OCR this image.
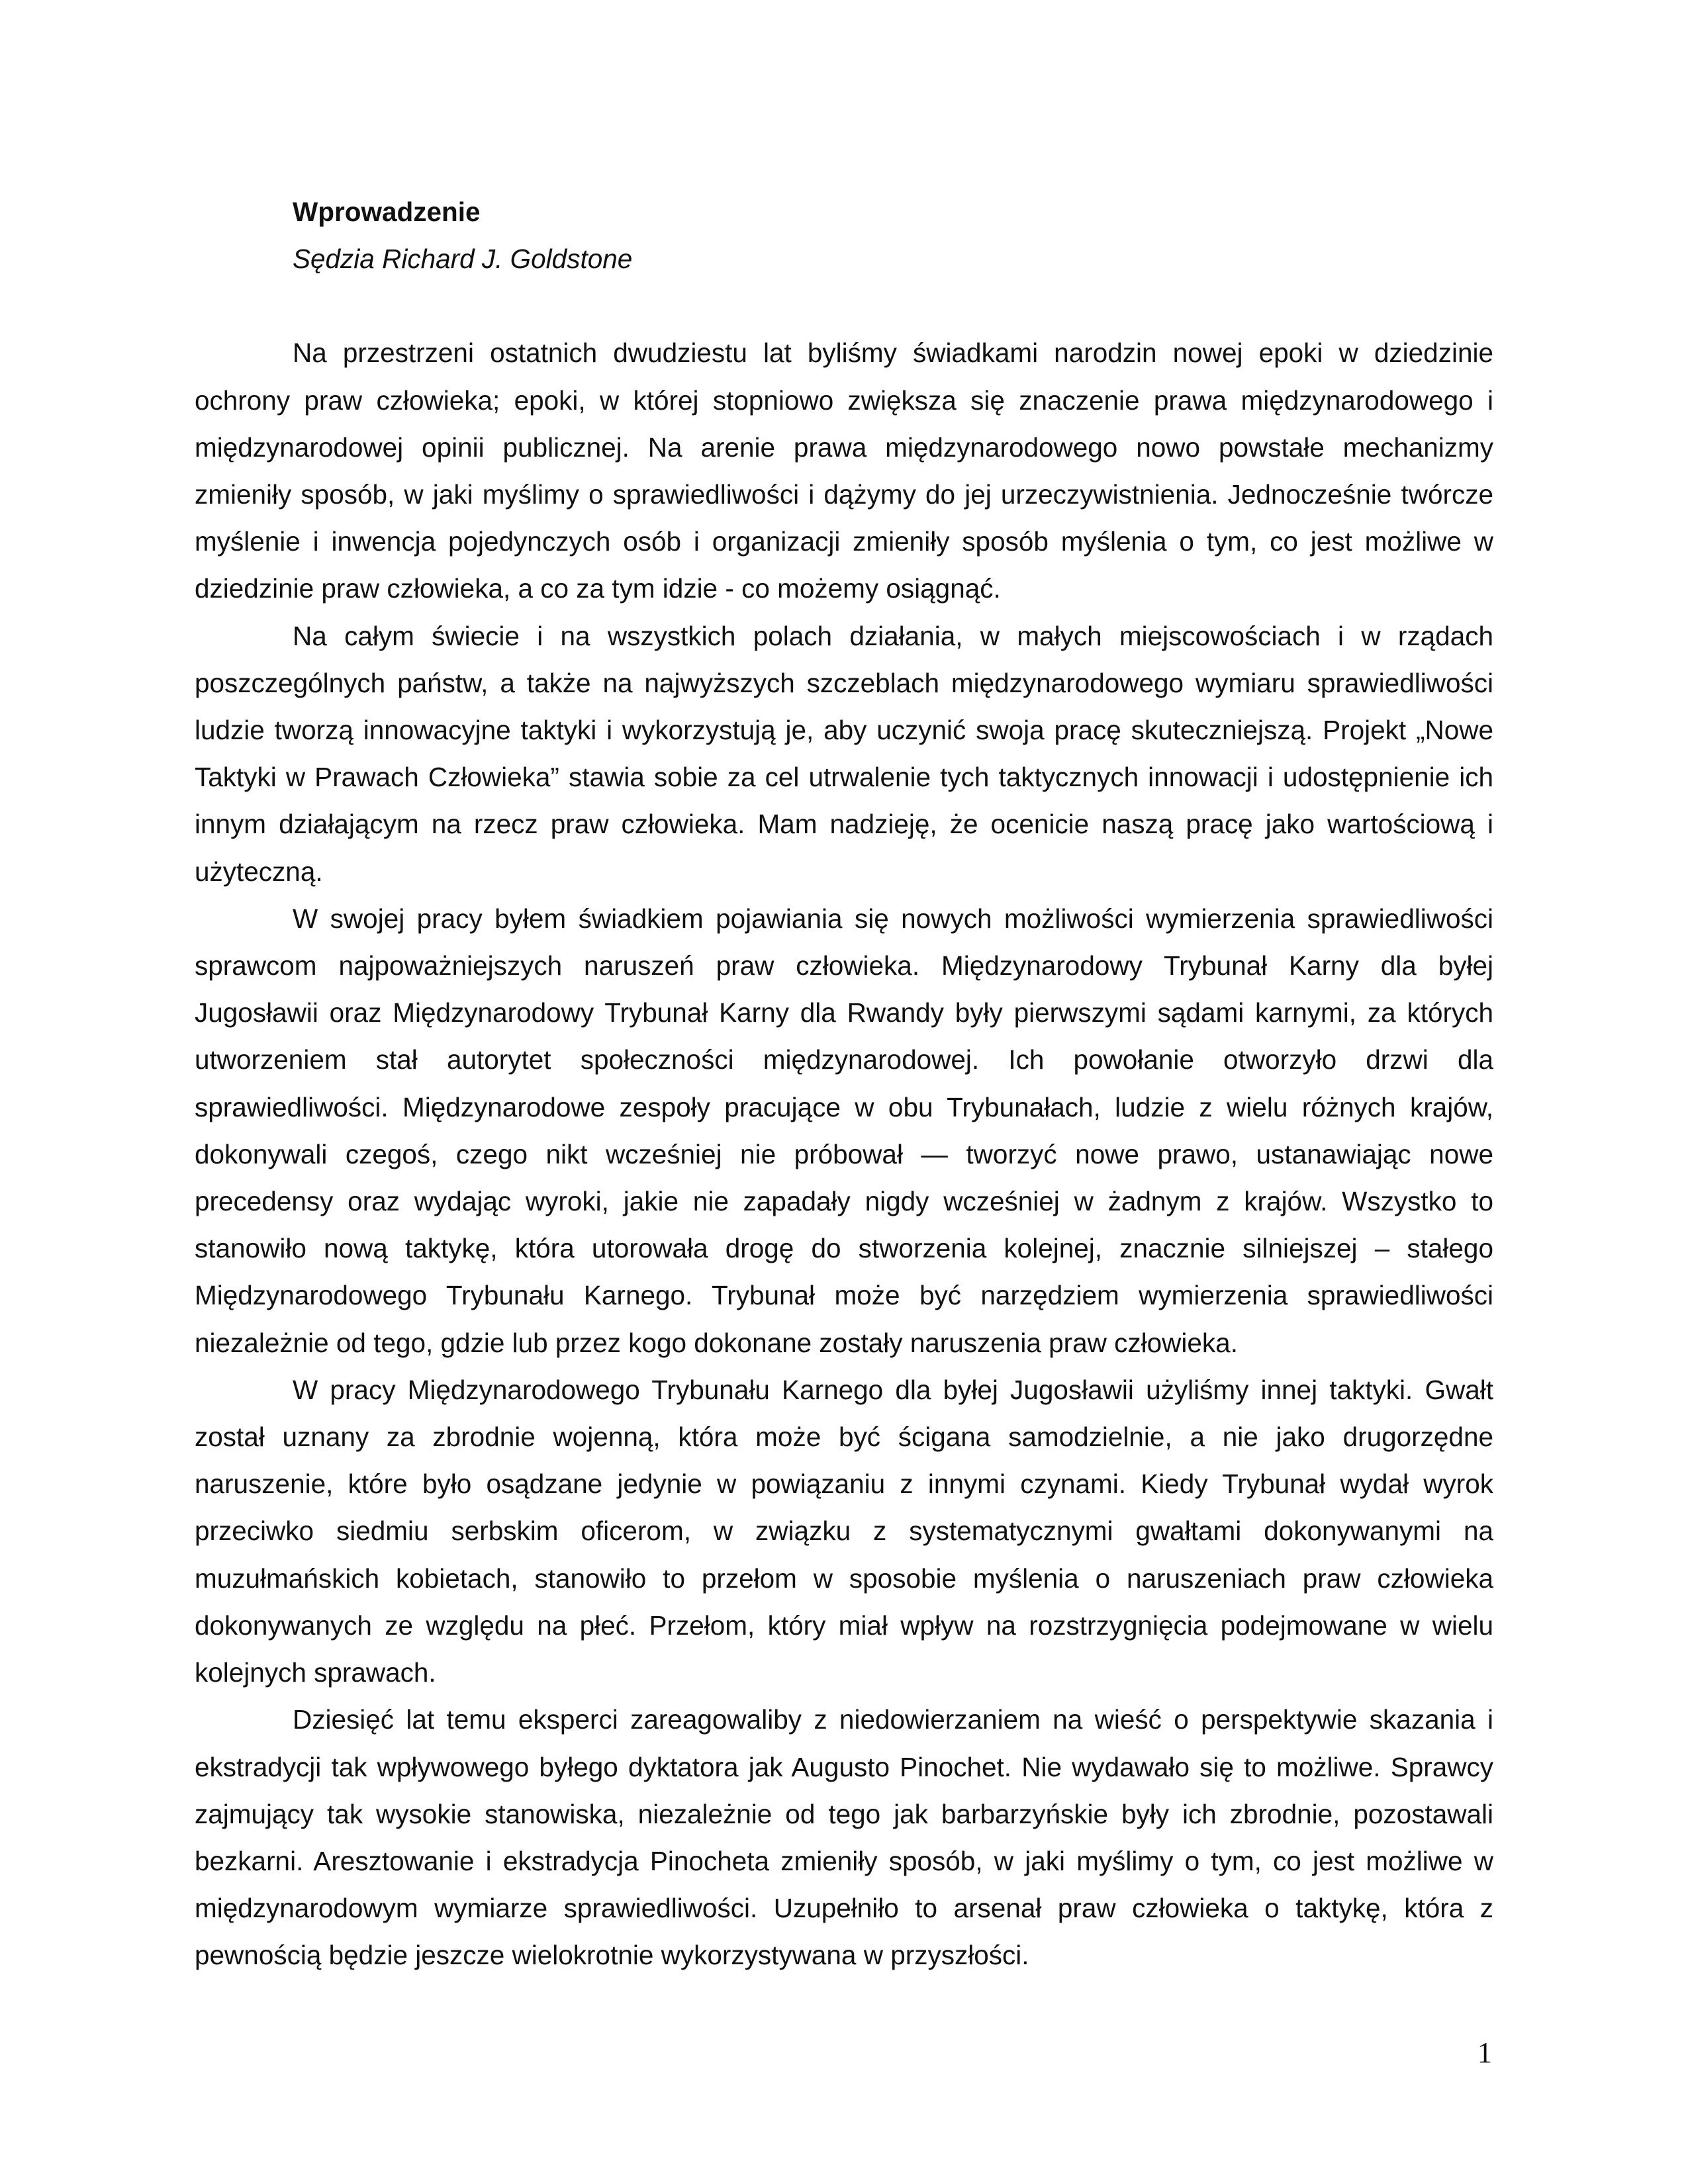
Wprowadzenie

Sędzia Richard J. Goldstone

Na przestrzeni ostatnich dwudziestu lat byliśmy świadkami narodzin nowej epoki w dziedzinie ochrony praw człowieka; epoki, w której stopniowo zwiększa się znaczenie prawa międzynarodowego i międzynarodowej opinii publicznej. Na arenie prawa międzynarodowego nowo powstałe mechanizmy zmieniły sposób, w jaki myślimy o sprawiedliwości i dążymy do jej urzeczywistnienia. Jednocześnie twórcze myślenie i inwencja pojedynczych osób i organizacji zmieniły sposób myślenia o tym, co jest możliwe w dziedzinie praw człowieka, a co za tym idzie - co możemy osiągnąć.

Na całym świecie i na wszystkich polach działania, w małych miejscowościach i w rządach poszczególnych państw, a także na najwyższych szczeblach międzynarodowego wymiaru sprawiedliwości ludzie tworzą innowacyjne taktyki i wykorzystują je, aby uczynić swoja pracę skuteczniejszą. Projekt „Nowe Taktyki w Prawach Człowieka” stawia sobie za cel utrwalenie tych taktycznych innowacji i udostępnienie ich innym działającym na rzecz praw człowieka. Mam nadzieję, że ocenicie naszą pracę jako wartościową i użyteczną.

W swojej pracy byłem świadkiem pojawiania się nowych możliwości wymierzenia sprawiedliwości sprawcom najpoważniejszych naruszeń praw człowieka. Międzynarodowy Trybunał Karny dla byłej Jugosławii oraz Międzynarodowy Trybunał Karny dla Rwandy były pierwszymi sądami karnymi, za których utworzeniem stał autorytet społeczności międzynarodowej. Ich powołanie otworzyło drzwi dla sprawiedliwości. Międzynarodowe zespoły pracujące w obu Trybunałach, ludzie z wielu różnych krajów, dokonywali czegoś, czego nikt wcześniej nie próbował — tworzyć nowe prawo, ustanawiając nowe precedensy oraz wydając wyroki, jakie nie zapadały nigdy wcześniej w żadnym z krajów. Wszystko to stanowiło nową taktykę, która utorowała drogę do stworzenia kolejnej, znacznie silniejszej – stałego Międzynarodowego Trybunału Karnego. Trybunał może być narzędziem wymierzenia sprawiedliwości niezależnie od tego, gdzie lub przez kogo dokonane zostały naruszenia praw człowieka.

W pracy Międzynarodowego Trybunału Karnego dla byłej Jugosławii użyliśmy innej taktyki. Gwałt został uznany za zbrodnie wojenną, która może być ścigana samodzielnie, a nie jako drugorzędne naruszenie, które było osądzane jedynie w powiązaniu z innymi czynami. Kiedy Trybunał wydał wyrok przeciwko siedmiu serbskim oficerom, w związku z systematycznymi gwałtami dokonywanymi na muzułmańskich kobietach, stanowiło to przełom w sposobie myślenia o naruszeniach praw człowieka dokonywanych ze względu na płeć. Przełom, który miał wpływ na rozstrzygnięcia podejmowane w wielu kolejnych sprawach.

Dziesięć lat temu eksperci zareagowaliby z niedowierzaniem na wieść o perspektywie skazania i ekstradycji tak wpływowego byłego dyktatora jak Augusto Pinochet. Nie wydawało się to możliwe. Sprawcy zajmujący tak wysokie stanowiska, niezależnie od tego jak barbarzyńskie były ich zbrodnie, pozostawali bezkarni. Aresztowanie i ekstradycja Pinocheta zmieniły sposób, w jaki myślimy o tym, co jest możliwe w międzynarodowym wymiarze sprawiedliwości. Uzupełniło to arsenał praw człowieka o taktykę, która z pewnością będzie jeszcze wielokrotnie wykorzystywana w przyszłości.

1
